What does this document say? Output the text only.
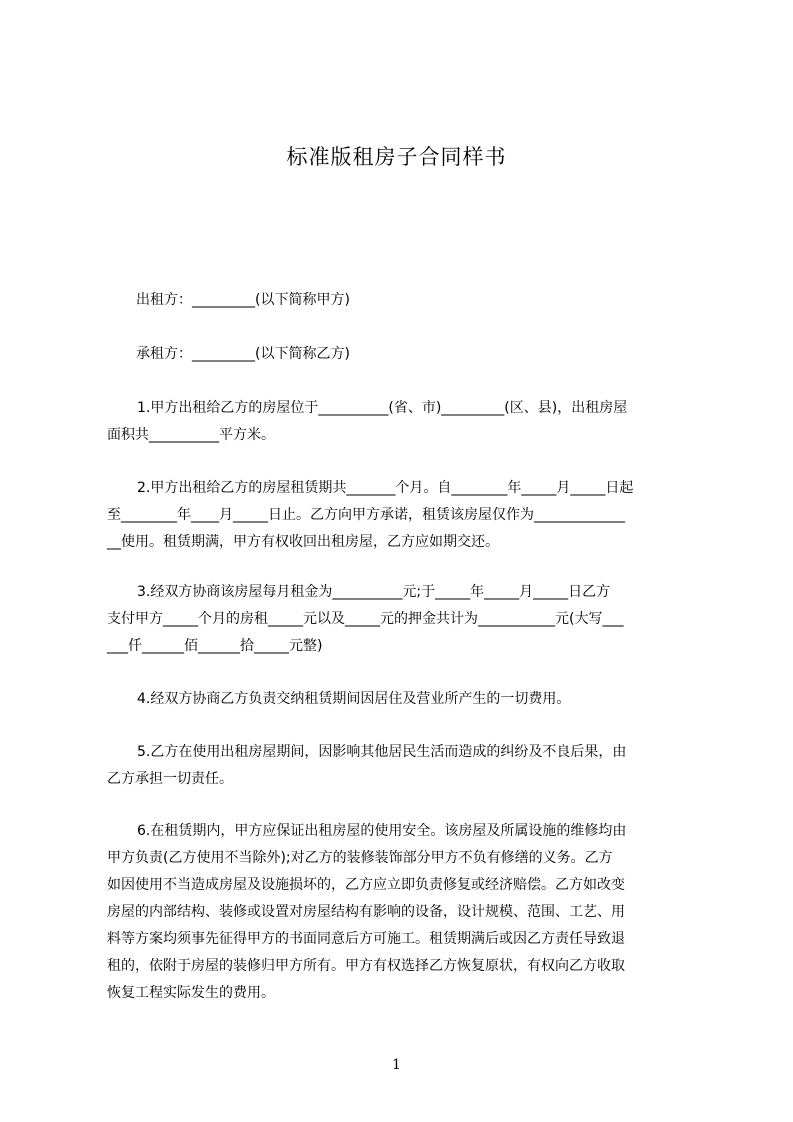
标准版租房子合同样书
出租方：_________(以下简称甲方)
承租方：_________(以下简称乙方)
1.甲方出租给乙方的房屋位于__________(省、市)_________(区、县)，出租房屋
面积共__________平方米。
2.甲方出租给乙方的房屋租赁期共_______个月。自________年_____月_____日起
至________年____月_____日止。乙方向甲方承诺，租赁该房屋仅作为_____________
__使用。租赁期满，甲方有权收回出租房屋，乙方应如期交还。
3.经双方协商该房屋每月租金为__________元;于_____年_____月_____日乙方
支付甲方_____个月的房租_____元以及_____元的押金共计为___________元(大写___
___仟______佰______拾_____元整)
4.经双方协商乙方负责交纳租赁期间因居住及营业所产生的一切费用。
5.乙方在使用出租房屋期间，因影响其他居民生活而造成的纠纷及不良后果，由
乙方承担一切责任。
6.在租赁期内，甲方应保证出租房屋的使用安全。该房屋及所属设施的维修均由
甲方负责(乙方使用不当除外);对乙方的装修装饰部分甲方不负有修缮的义务。乙方
如因使用不当造成房屋及设施损坏的，乙方应立即负责修复或经济赔偿。乙方如改变
房屋的内部结构、装修或设置对房屋结构有影响的设备，设计规模、范围、工艺、用
料等方案均须事先征得甲方的书面同意后方可施工。租赁期满后或因乙方责任导致退
租的，依附于房屋的装修归甲方所有。甲方有权选择乙方恢复原状，有权向乙方收取
恢复工程实际发生的费用。
1
